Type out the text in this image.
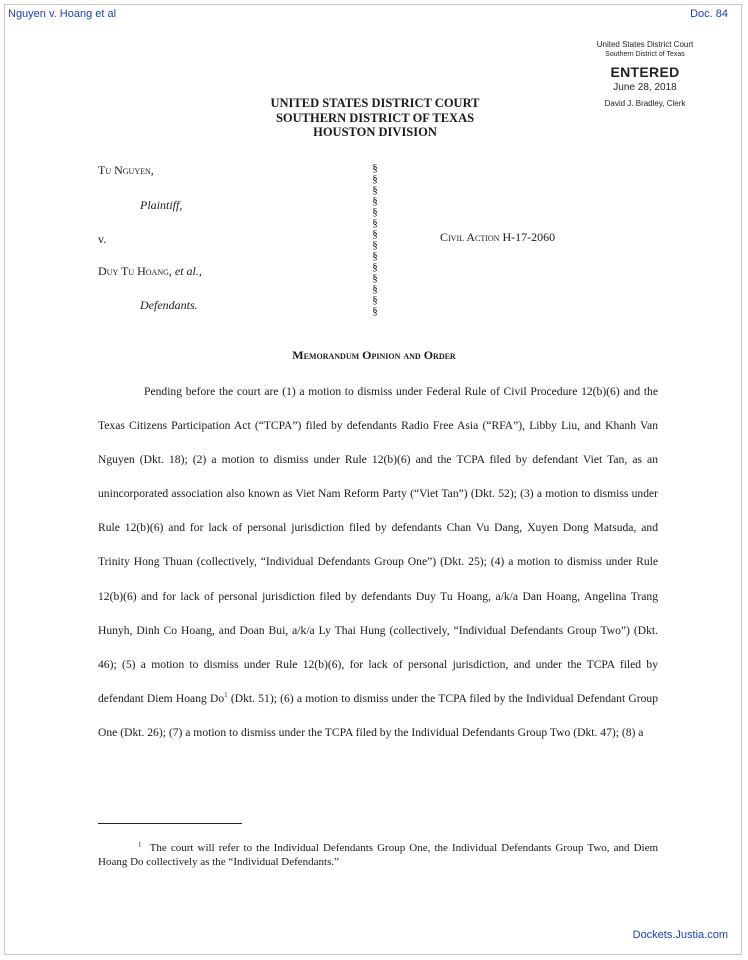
Nguyen v. Hoang et al	Doc. 84
United States District Court
Southern District of Texas
ENTERED
June 28, 2018
David J. Bradley, Clerk
UNITED STATES DISTRICT COURT
SOUTHERN DISTRICT OF TEXAS
HOUSTON DIVISION
Tu Nguyen,
Plaintiff,
v.
Duy Tu Hoang, et al.,
Defendants.
Civil Action H-17-2060
§
§
§
§
§
§
§
§
§
§
§
§
§
§
Memorandum Opinion and Order

Pending before the court are (1) a motion to dismiss under Federal Rule of Civil Procedure 12(b)(6) and the Texas Citizens Participation Act (“TCPA”) filed by defendants Radio Free Asia (“RFA”), Libby Liu, and Khanh Van Nguyen (Dkt. 18); (2) a motion to dismiss under Rule 12(b)(6) and the TCPA filed by defendant Viet Tan, as an unincorporated association also known as Viet Nam Reform Party (“Viet Tan”) (Dkt. 52); (3) a motion to dismiss under Rule 12(b)(6) and for lack of personal jurisdiction filed by defendants Chan Vu Dang, Xuyen Dong Matsuda, and Trinity Hong Thuan (collectively, “Individual Defendants Group One”) (Dkt. 25); (4) a motion to dismiss under Rule 12(b)(6) and for lack of personal jurisdiction filed by defendants Duy Tu Hoang, a/k/a Dan Hoang, Angelina Trang Hunyh, Dinh Co Hoang, and Doan Bui, a/k/a Ly Thai Hung (collectively, “Individual Defendants Group Two”) (Dkt. 46); (5) a motion to dismiss under Rule 12(b)(6), for lack of personal jurisdiction, and under the TCPA filed by defendant Diem Hoang Do$^1$ (Dkt. 51); (6) a motion to dismiss under the TCPA filed by the Individual Defendant Group One (Dkt. 26); (7) a motion to dismiss under the TCPA filed by the Individual Defendants Group Two (Dkt. 47); (8) a

$^1$ The court will refer to the Individual Defendants Group One, the Individual Defendants Group Two, and Diem Hoang Do collectively as the “Individual Defendants.”
Dockets.Justia.com
